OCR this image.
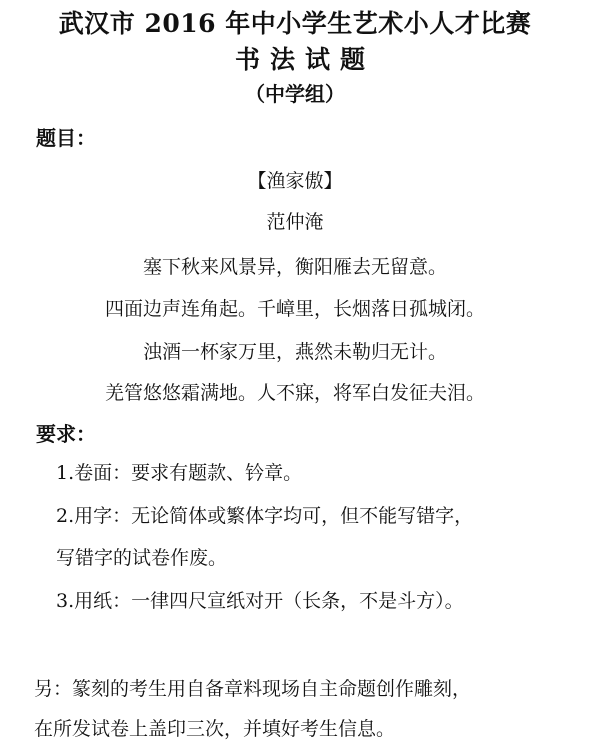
武汉市 2016 年中小学生艺术小人才比赛
书法试题
（中学组）
题目：
【渔家傲】
范仲淹
塞下秋来风景异，衡阳雁去无留意。
四面边声连角起。千嶂里，长烟落日孤城闭。
浊酒一杯家万里，燕然未勒归无计。
羌管悠悠霜满地。人不寐，将军白发征夫泪。
要求：
1.卷面：要求有题款、钤章。
2.用字：无论简体或繁体字均可，但不能写错字，
写错字的试卷作废。
3.用纸：一律四尺宣纸对开（长条，不是斗方）。
另：篆刻的考生用自备章料现场自主命题创作雕刻，
在所发试卷上盖印三次，并填好考生信息。
